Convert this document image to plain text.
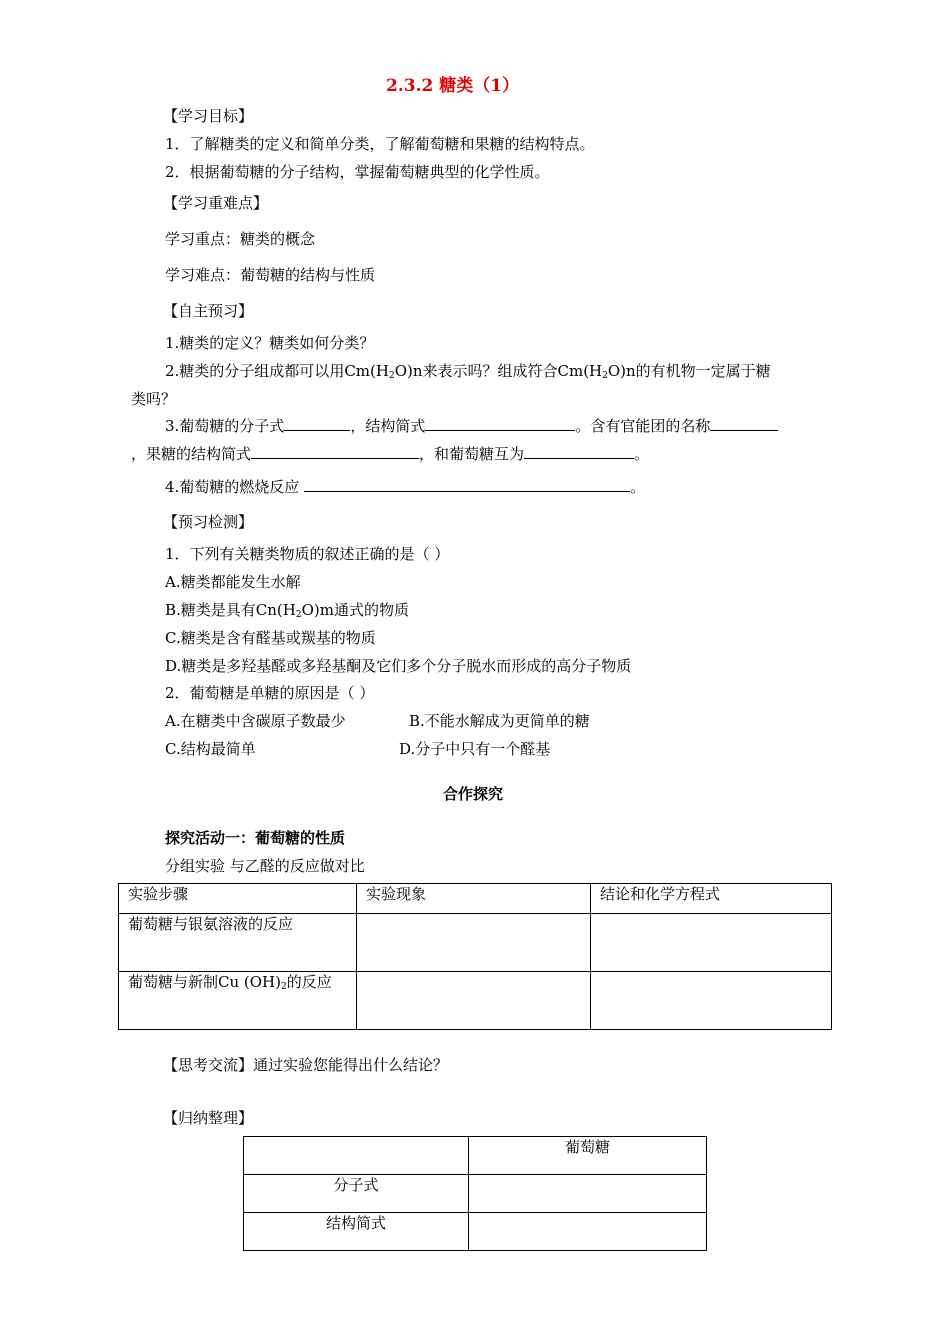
2.3.2 糖类（1）
【学习目标】
1．了解糖类的定义和简单分类，了解葡萄糖和果糖的结构特点。
2．根据葡萄糖的分子结构，掌握葡萄糖典型的化学性质。
【学习重难点】
学习重点：糖类的概念
学习难点：葡萄糖的结构与性质
【自主预习】
1.糖类的定义？糖类如何分类？
2.糖类的分子组成都可以用$Cm(H_2O)n$来表示吗？组成符合$Cm(H_2O)n$的有机物一定属于糖
类吗？
3.葡萄糖的分子式	，结构简式	。含有官能团的名称
，果糖的结构简式	，和葡萄糖互为	。
4.葡萄糖的燃烧反应	。
【预习检测】
1．下列有关糖类物质的叙述正确的是（ ）
A.糖类都能发生水解
B.糖类是具有$Cn(H_2O)m$通式的物质
C.糖类是含有醛基或羰基的物质
D.糖类是多羟基醛或多羟基酮及它们多个分子脱水而形成的高分子物质
2．葡萄糖是单糖的原因是（ ）
A.在糖类中含碳原子数最少	B.不能水解成为更简单的糖
C.结构最简单	D.分子中只有一个醛基
合作探究
探究活动一：葡萄糖的性质
分组实验 与乙醛的反应做对比
实验步骤	实验现象	结论和化学方程式
葡萄糖与银氨溶液的反应		
葡萄糖与新制Cu $(OH)_2$的反应		
【思考交流】通过实验您能得出什么结论？
【归纳整理】
	葡萄糖
分子式	
结构简式	
